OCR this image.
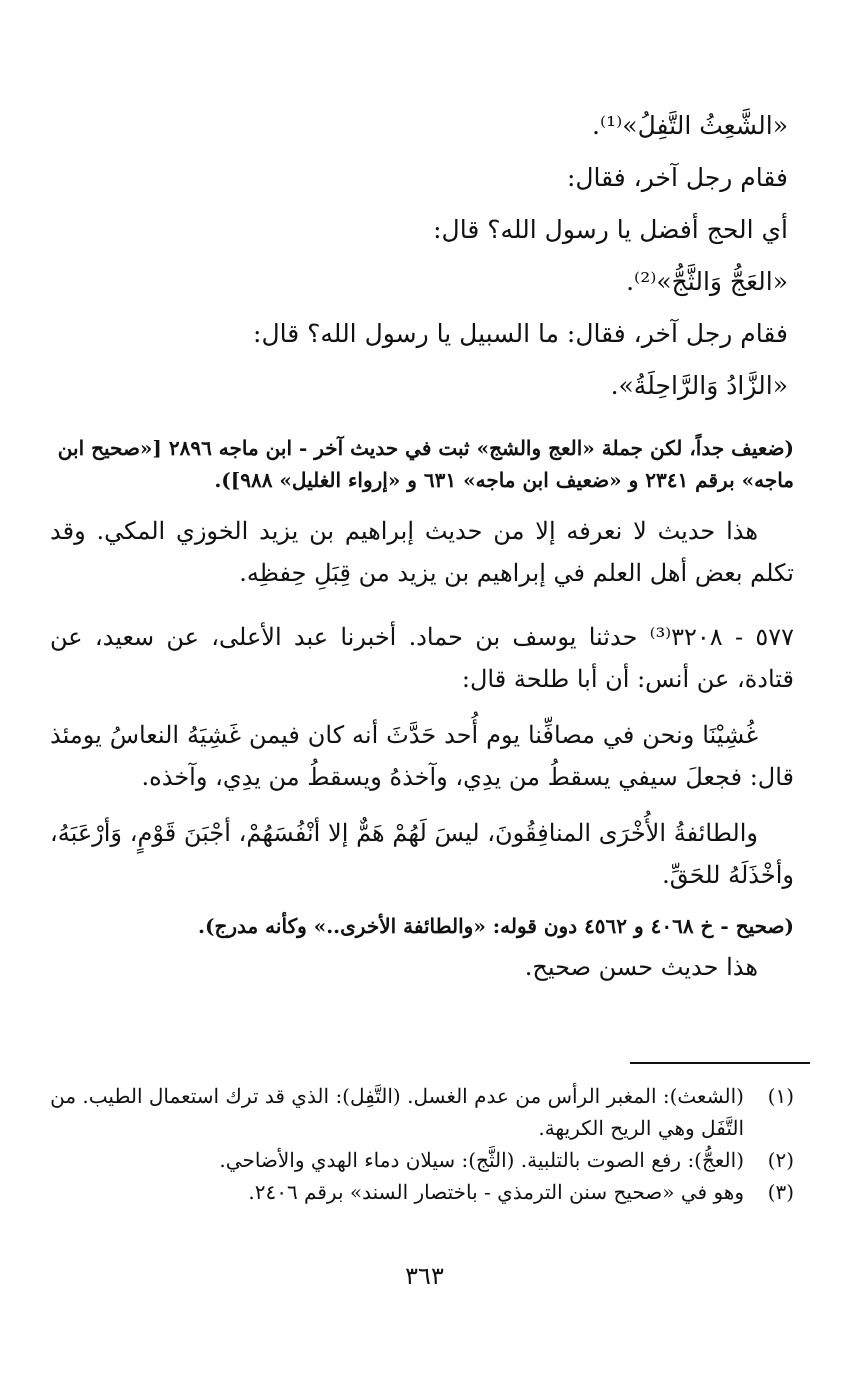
«الشَّعِثُ التَّفِلُ»⁽¹⁾.

فقام رجل آخر، فقال:

أي الحج أفضل يا رسول الله؟ قال:

«العَجُّ وَالثَّجُّ»⁽²⁾.

فقام رجل آخر، فقال: ما السبيل يا رسول الله؟ قال:

«الزَّادُ وَالرَّاحِلَةُ».

(ضعيف جداً، لكن جملة «العج والشج» ثبت في حديث آخر - ابن ماجه ٢٨٩٦ [«صحيح ابن ماجه» برقم ٢٣٤١ و «ضعيف ابن ماجه» ٦٣١ و «إرواء الغليل» ٩٨٨]).

هذا حديث لا نعرفه إلا من حديث إبراهيم بن يزيد الخوزي المكي. وقد تكلم بعض أهل العلم في إبراهيم بن يزيد من قِبَلِ حِفظِه.

٥٧٧ - ٣٢٠٨⁽³⁾ حدثنا يوسف بن حماد. أخبرنا عبد الأعلى، عن سعيد، عن قتادة، عن أنس: أن أبا طلحة قال:

غُشِيْنَا ونحن في مصافِّنا يوم أُحد حَدَّثَ أنه كان فيمن غَشِيَهُ النعاسُ يومئذ قال: فجعلَ سيفي يسقطُ من يدِي، وآخذهُ ويسقطُ من يدِي، وآخذه.

والطائفةُ الأُخْرَى المنافِقُونَ، ليسَ لَهُمْ هَمٌّ إلا أنْفُسَهُمْ، أجْبَنَ قَوْمٍ، وَأرْعَبَهُ، وأخْذَلَهُ للحَقِّ.

(صحيح - خ ٤٠٦٨ و ٤٥٦٢ دون قوله: «والطائفة الأخرى..» وكأنه مدرج).

هذا حديث حسن صحيح.

(١)
(الشعث): المغبر الرأس من عدم الغسل. (التَّفِل): الذي قد ترك استعمال الطيب. من التَّفَل وهي الريح الكريهة.

(٢)
(العجُّ): رفع الصوت بالتلبية. (الثَّج): سيلان دماء الهدي والأضاحي.

(٣)
وهو في «صحيح سنن الترمذي - باختصار السند» برقم ٢٤٠٦.

٣٦٣
